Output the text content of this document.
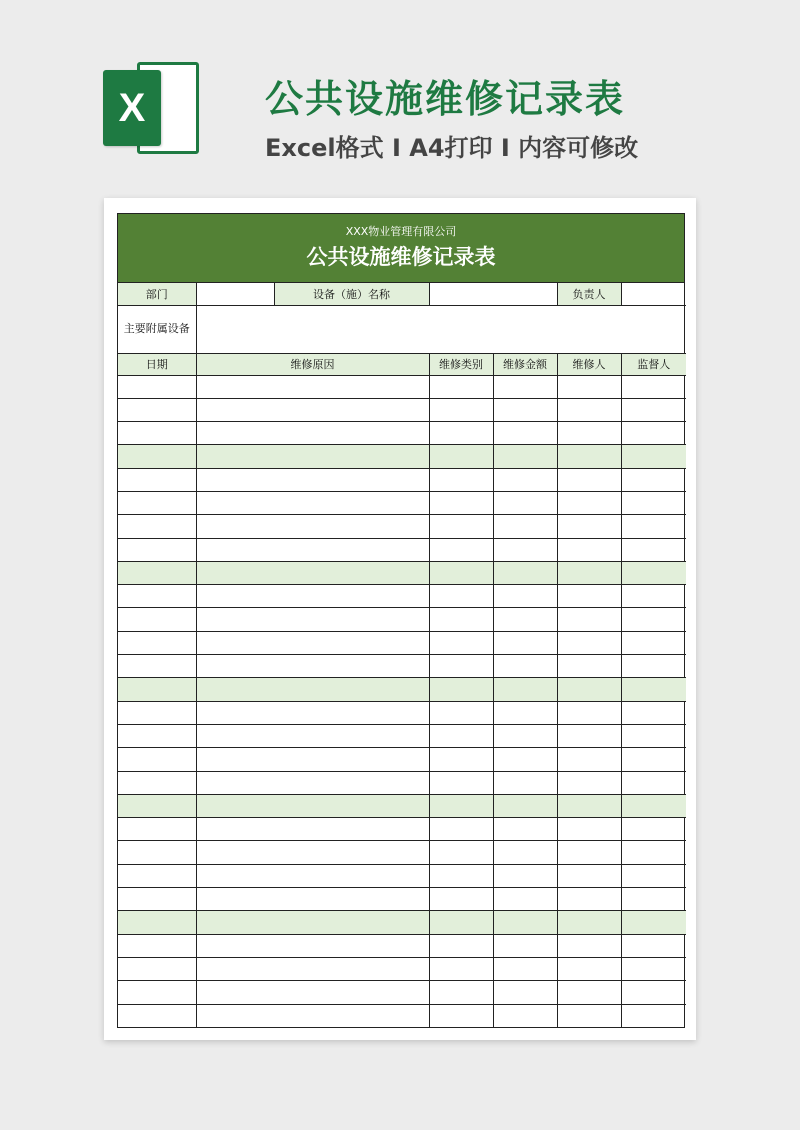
X	公共设施维修记录表
Excel格式 I A4打印 I 内容可修改
XXX物业管理有限公司
公共设施维修记录表
部门		设备（施）名称			负责人	
主要附属设备						
日期	维修原因		维修类别	维修金额	维修人	监督人
